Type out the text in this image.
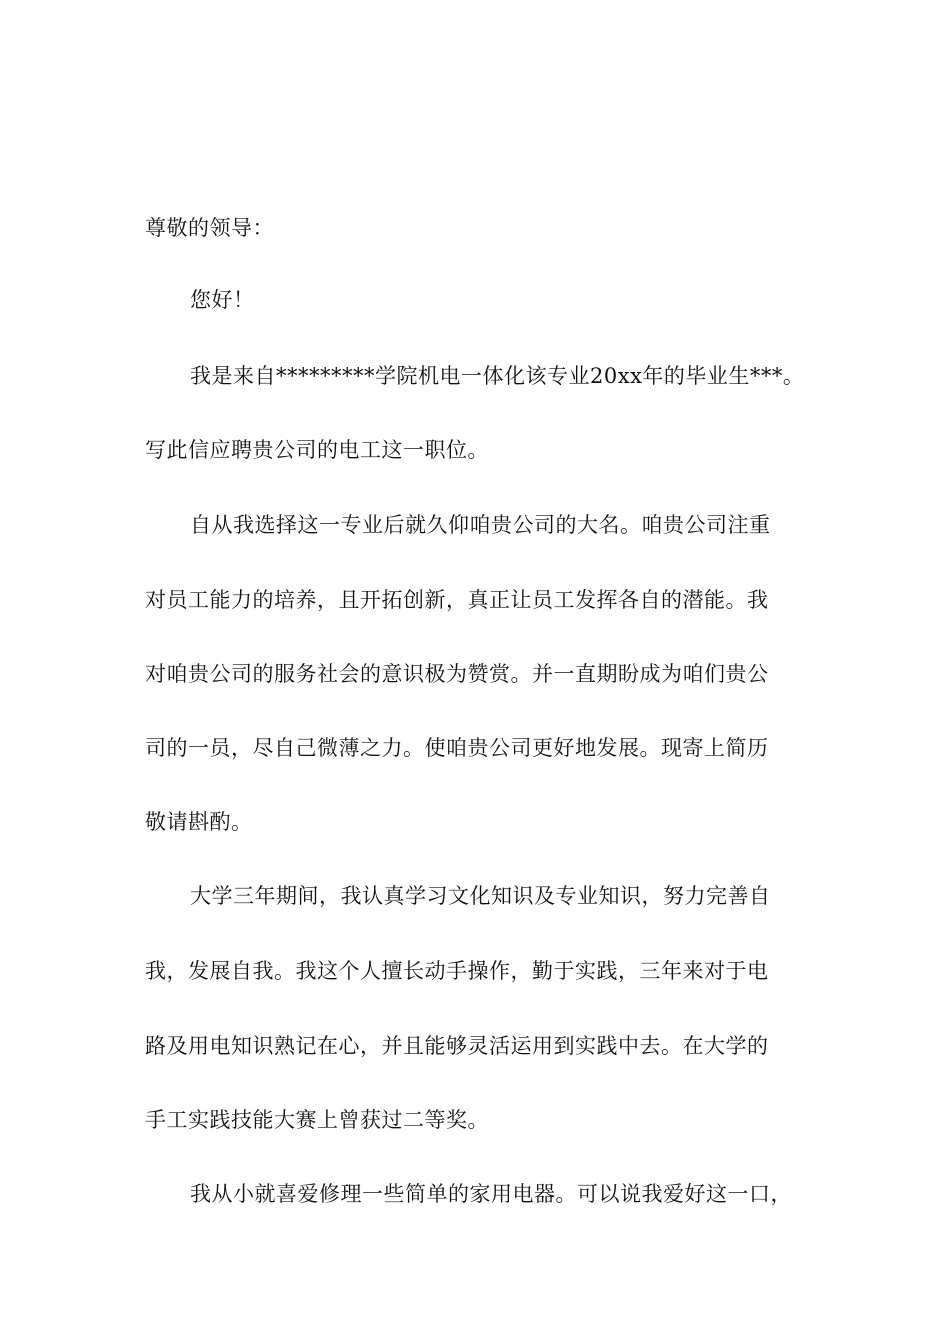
尊敬的领导：
您好！
我是来自*********学院机电一体化该专业20xx年的毕业生***。
写此信应聘贵公司的电工这一职位。
自从我选择这一专业后就久仰咱贵公司的大名。咱贵公司注重
对员工能力的培养，且开拓创新，真正让员工发挥各自的潜能。我
对咱贵公司的服务社会的意识极为赞赏。并一直期盼成为咱们贵公
司的一员，尽自己微薄之力。使咱贵公司更好地发展。现寄上简历
敬请斟酌。
大学三年期间，我认真学习文化知识及专业知识，努力完善自
我，发展自我。我这个人擅长动手操作，勤于实践，三年来对于电
路及用电知识熟记在心，并且能够灵活运用到实践中去。在大学的
手工实践技能大赛上曾获过二等奖。
我从小就喜爱修理一些简单的家用电器。可以说我爱好这一口，
